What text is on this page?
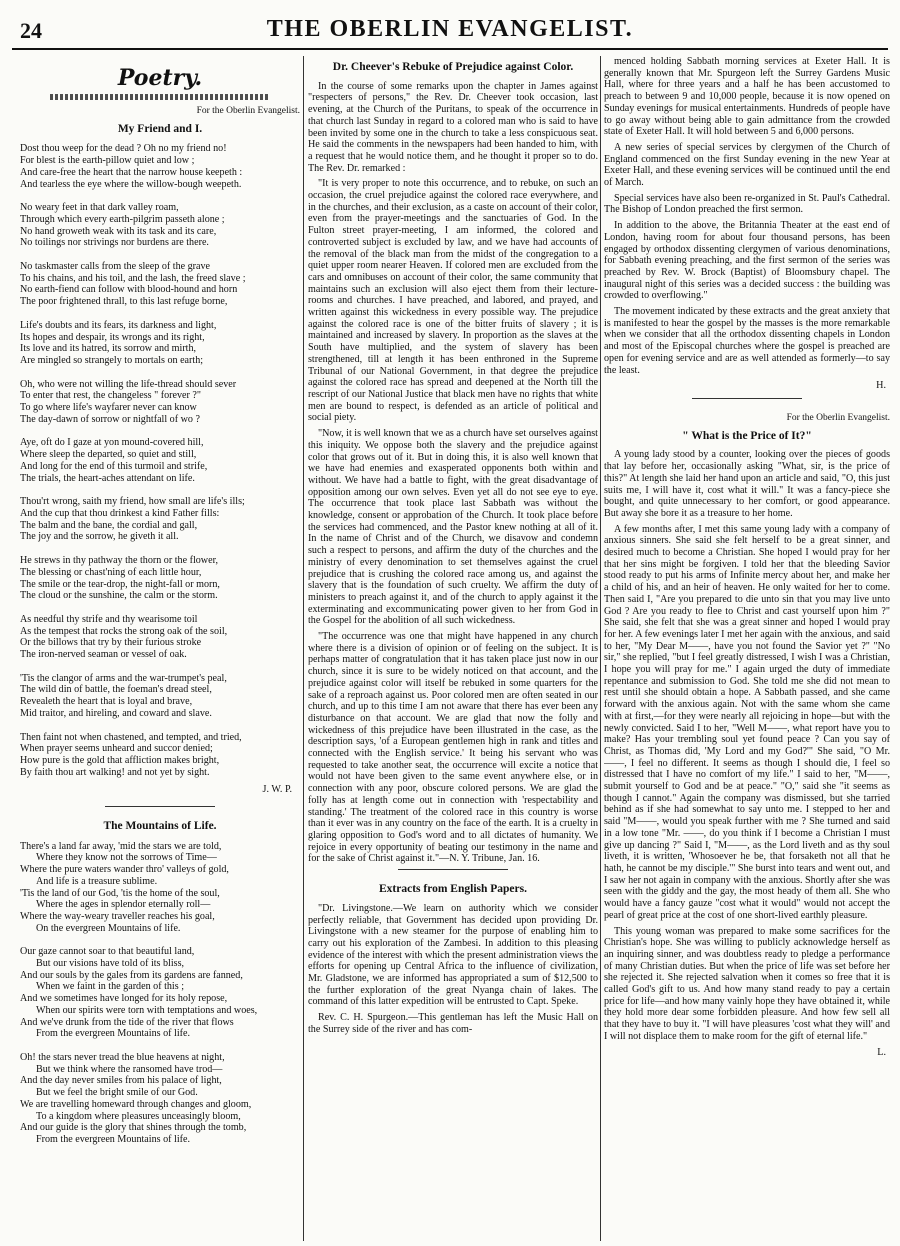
24	THE OBERLIN EVANGELIST.
Poetry.
For the Oberlin Evangelist.
My Friend and I.
Dost thou weep for the dead ? Oh no my friend no!
For blest is the earth-pillow quiet and low ;
And care-free the heart that the narrow house keepeth :
And tearless the eye where the willow-bough weepeth.
No weary feet in that dark valley roam,
Through which every earth-pilgrim passeth alone ;
No hand groweth weak with its task and its care,
No toilings nor strivings nor burdens are there.
No taskmaster calls from the sleep of the grave
To his chains, and his toil, and the lash, the freed slave ;
No earth-fiend can follow with blood-hound and horn
The poor frightened thrall, to this last refuge borne,
Life's doubts and its fears, its darkness and light,
Its hopes and despair, its wrongs and its right,
Its love and its hatred, its sorrow and mirth,
Are mingled so strangely to mortals on earth;
Oh, who were not willing the life-thread should sever
To enter that rest, the changeless " forever ?"
To go where life's wayfarer never can know
The day-dawn of sorrow or nightfall of wo ?
Aye, oft do I gaze at yon mound-covered hill,
Where sleep the departed, so quiet and still,
And long for the end of this turmoil and strife,
The trials, the heart-aches attendant on life.
Thou'rt wrong, saith my friend, how small are life's ills;
And the cup that thou drinkest a kind Father fills:
The balm and the bane, the cordial and gall,
The joy and the sorrow, he giveth it all.
He strews in thy pathway the thorn or the flower,
The blessing or chast'ning of each little hour,
The smile or the tear-drop, the night-fall or morn,
The cloud or the sunshine, the calm or the storm.
As needful thy strife and thy wearisome toil
As the tempest that rocks the strong oak of the soil,
Or the billows that try by their furious stroke
The iron-nerved seaman or vessel of oak.
'Tis the clangor of arms and the war-trumpet's peal,
The wild din of battle, the foeman's dread steel,
Revealeth the heart that is loyal and brave,
Mid traitor, and hireling, and coward and slave.
Then faint not when chastened, and tempted, and tried,
When prayer seems unheard and succor denied;
How pure is the gold that affliction makes bright,
By faith thou art walking! and not yet by sight.
J. W. P.
The Mountains of Life.
There's a land far away, 'mid the stars we are told,
Where they know not the sorrows of Time—
Where the pure waters wander thro' valleys of gold,
And life is a treasure sublime.
'Tis the land of our God, 'tis the home of the soul,
Where the ages in splendor eternally roll—
Where the way-weary traveller reaches his goal,
On the evergreen Mountains of life.
Our gaze cannot soar to that beautiful land,
But our visions have told of its bliss,
And our souls by the gales from its gardens are fanned,
When we faint in the garden of this ;
And we sometimes have longed for its holy repose,
When our spirits were torn with temptations and woes,
And we've drunk from the tide of the river that flows
From the evergreen Mountains of life.
Oh! the stars never tread the blue heavens at night,
But we think where the ransomed have trod—
And the day never smiles from his palace of light,
But we feel the bright smile of our God.
We are travelling homeward through changes and gloom,
To a kingdom where pleasures unceasingly bloom,
And our guide is the glory that shines through the tomb,
From the evergreen Mountains of life.
Dr. Cheever's Rebuke of Prejudice against Color.
In the course of some remarks upon the chapter in James against "respecters of persons," the Rev. Dr. Cheever took occasion, last evening, at the Church of the Puritans, to speak of the occurrence in that church last Sunday in regard to a colored man who is said to have been invited by some one in the church to take a less conspicuous seat. He said the comments in the newspapers had been handed to him, with a request that he would notice them, and he thought it proper so to do. The Rev. Dr. remarked :
"It is very proper to note this occurrence, and to rebuke, on such an occasion, the cruel prejudice against the colored race everywhere, and in the churches, and their exclusion, as a caste on account of their color, even from the prayer-meetings and the sanctuaries of God. In the Fulton street prayer-meeting, I am informed, the colored and controverted subject is excluded by law, and we have had accounts of the removal of the black man from the midst of the congregation to a quiet upper room nearer Heaven. If colored men are excluded from the cars and omnibuses on account of their color, the same community that maintains such an exclusion will also eject them from their lecture-rooms and churches. I have preached, and labored, and prayed, and written against this wickedness in every possible way. The prejudice against the colored race is one of the bitter fruits of slavery ; it is maintained and increased by slavery. In proportion as the slaves at the South have multiplied, and the system of slavery has been strengthened, till at length it has been enthroned in the Supreme Tribunal of our National Government, in that degree the prejudice against the colored race has spread and deepened at the North till the rescript of our National Justice that black men have no rights that white men are bound to respect, is defended as an article of political and social piety.
"Now, it is well known that we as a church have set ourselves against this iniquity. We oppose both the slavery and the prejudice against color that grows out of it. But in doing this, it is also well known that we have had enemies and exasperated opponents both within and without. We have had a battle to fight, with the great disadvantage of opposition among our own selves. Even yet all do not see eye to eye. The occurrence that took place last Sabbath was without the knowledge, consent or approbation of the Church. It took place before the services had commenced, and the Pastor knew nothing at all of it. In the name of Christ and of the Church, we disavow and condemn such a respect to persons, and affirm the duty of the churches and the ministry of every denomination to set themselves against the cruel prejudice that is crushing the colored race among us, and against the slavery that is the foundation of such cruelty. We affirm the duty of ministers to preach against it, and of the church to apply against it the exterminating and excommunicating power given to her from God in the Gospel for the abolition of all such wickedness.
"The occurrence was one that might have happened in any church where there is a division of opinion or of feeling on the subject. It is perhaps matter of congratulation that it has taken place just now in our church, since it is sure to be widely noticed on that account, and the prejudice against color will itself be rebuked in some quarters for the sake of a reproach against us. Poor colored men are often seated in our church, and up to this time I am not aware that there has ever been any disturbance on that account. We are glad that now the folly and wickedness of this prejudice have been illustrated in the case, as the description says, 'of a European gentlemen high in rank and titles and connected with the English service.' It being his servant who was requested to take another seat, the occurrence will excite a notice that would not have been given to the same event anywhere else, or in connection with any poor, obscure colored persons. We are glad the folly has at length come out in connection with 'respectability and standing.' The treatment of the colored race in this country is worse than it ever was in any country on the face of the earth. It is a cruelty in glaring opposition to God's word and to all dictates of humanity. We rejoice in every opportunity of beating our testimony in the name and for the sake of Christ against it."—N. Y. Tribune, Jan. 16.
Extracts from English Papers.
"Dr. Livingstone.—We learn on authority which we consider perfectly reliable, that Government has decided upon providing Dr. Livingstone with a new steamer for the purpose of enabling him to carry out his exploration of the Zambesi. In addition to this pleasing evidence of the interest with which the present administration views the efforts for opening up Central Africa to the influence of civilization, Mr. Gladstone, we are informed has appropriated a sum of $12,500 to the further exploration of the great Nyanga chain of lakes. The command of this latter expedition will be entrusted to Capt. Speke.
Rev. C. H. Spurgeon.—This gentleman has left the Music Hall on the Surrey side of the river and has com-
menced holding Sabbath morning services at Exeter Hall. It is generally known that Mr. Spurgeon left the Surrey Gardens Music Hall, where for three years and a half he has been accustomed to preach to between 9 and 10,000 people, because it is now opened on Sunday evenings for musical entertainments. Hundreds of people have to go away without being able to gain admittance from the crowded state of Exeter Hall. It will hold between 5 and 6,000 persons.
A new series of special services by clergymen of the Church of England commenced on the first Sunday evening in the new Year at Exeter Hall, and these evening services will be continued until the end of March.
Special services have also been re-organized in St. Paul's Cathedral. The Bishop of London preached the first sermon.
In addition to the above, the Britannia Theater at the east end of London, having room for about four thousand persons, has been engaged by orthodox dissenting clergymen of various denominations, for Sabbath evening preaching, and the first sermon of the series was preached by Rev. W. Brock (Baptist) of Bloomsbury chapel. The inaugural night of this series was a decided success : the building was crowded to overflowing."
The movement indicated by these extracts and the great anxiety that is manifested to hear the gospel by the masses is the more remarkable when we consider that all the orthodox dissenting chapels in London and most of the Episcopal churches where the gospel is preached are open for evening service and are as well attended as formerly—to say the least.
H.
For the Oberlin Evangelist.
" What is the Price of It?"
A young lady stood by a counter, looking over the pieces of goods that lay before her, occasionally asking "What, sir, is the price of this?" At length she laid her hand upon an article and said, "O, this just suits me, I will have it, cost what it will." It was a fancy-piece she bought, and quite unnecessary to her comfort, or good appearance. But away she bore it as a treasure to her home.
A few months after, I met this same young lady with a company of anxious sinners. She said she felt herself to be a great sinner, and desired much to become a Christian. She hoped I would pray for her that her sins might be forgiven. I told her that the bleeding Savior stood ready to put his arms of Infinite mercy about her, and make her a child of his, and an heir of heaven. He only waited for her to come. Then said I, "Are you prepared to die unto sin that you may live unto God ? Are you ready to flee to Christ and cast yourself upon him ?" She said, she felt that she was a great sinner and hoped I would pray for her. A few evenings later I met her again with the anxious, and said to her, "My Dear M——, have you not found the Savior yet ?" "No sir," she replied, "but I feel greatly distressed, I wish I was a Christian, I hope you will pray for me." I again urged the duty of immediate repentance and submission to God. She told me she did not mean to rest until she should obtain a hope. A Sabbath passed, and she came forward with the anxious again. Not with the same whom she came with at first,—for they were nearly all rejoicing in hope—but with the newly convicted. Said I to her, "Well M——, what report have you to make? Has your trembling soul yet found peace ? Can you say of Christ, as Thomas did, 'My Lord and my God?'" She said, "O Mr. ——, I feel no different. It seems as though I should die, I feel so distressed that I have no comfort of my life." I said to her, "M——, submit yourself to God and be at peace." "O," said she "it seems as though I cannot." Again the company was dismissed, but she tarried behind as if she had somewhat to say unto me. I stepped to her and said "M——, would you speak further with me ? She turned and said in a low tone "Mr. ——, do you think if I become a Christian I must give up dancing ?" Said I, "M——, as the Lord liveth and as thy soul liveth, it is written, 'Whosoever he be, that forsaketh not all that he hath, he cannot be my disciple.'" She burst into tears and went out, and I saw her not again in company with the anxious. Shortly after she was seen with the giddy and the gay, the most heady of them all. She who would have a fancy gauze "cost what it would" would not accept the pearl of great price at the cost of one short-lived earthly pleasure.
This young woman was prepared to make some sacrifices for the Christian's hope. She was willing to publicly acknowledge herself as an inquiring sinner, and was doubtless ready to pledge a performance of many Christian duties. But when the price of life was set before her she rejected it. She rejected salvation when it comes so free that it is called God's gift to us. And how many stand ready to pay a certain price for life—and how many vainly hope they have obtained it, while they hold more dear some forbidden pleasure. And how few sell all that they have to buy it. "I will have pleasures 'cost what they will' and I will not displace them to make room for the gift of eternal life."
L.
